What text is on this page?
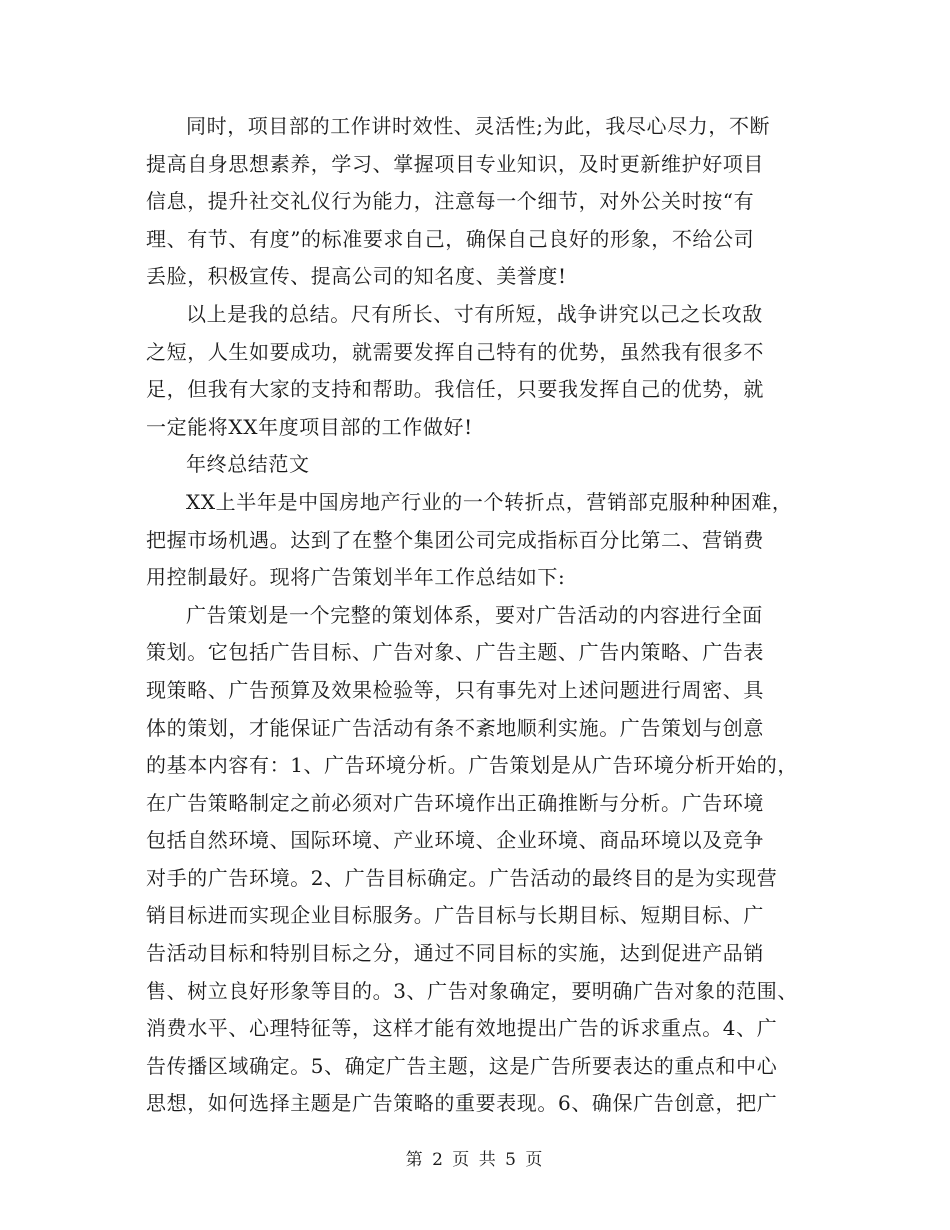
同时，项目部的工作讲时效性、灵活性;为此，我尽心尽力，不断
提高自身思想素养，学习、掌握项目专业知识，及时更新维护好项目
信息，提升社交礼仪行为能力，注意每一个细节，对外公关时按“有
理、有节、有度”的标准要求自己，确保自己良好的形象，不给公司
丢脸，积极宣传、提高公司的知名度、美誉度!
以上是我的总结。尺有所长、寸有所短，战争讲究以己之长攻敌
之短，人生如要成功，就需要发挥自己特有的优势，虽然我有很多不
足，但我有大家的支持和帮助。我信任，只要我发挥自己的优势，就
一定能将XX年度项目部的工作做好!
年终总结范文
XX上半年是中国房地产行业的一个转折点，营销部克服种种困难，
把握市场机遇。达到了在整个集团公司完成指标百分比第二、营销费
用控制最好。现将广告策划半年工作总结如下:
广告策划是一个完整的策划体系，要对广告活动的内容进行全面
策划。它包括广告目标、广告对象、广告主题、广告内策略、广告表
现策略、广告预算及效果检验等，只有事先对上述问题进行周密、具
体的策划，才能保证广告活动有条不紊地顺利实施。广告策划与创意
的基本内容有：1、广告环境分析。广告策划是从广告环境分析开始的，
在广告策略制定之前必须对广告环境作出正确推断与分析。广告环境
包括自然环境、国际环境、产业环境、企业环境、商品环境以及竞争
对手的广告环境。2、广告目标确定。广告活动的最终目的是为实现营
销目标进而实现企业目标服务。广告目标与长期目标、短期目标、广
告活动目标和特别目标之分，通过不同目标的实施，达到促进产品销
售、树立良好形象等目的。3、广告对象确定，要明确广告对象的范围、
消费水平、心理特征等，这样才能有效地提出广告的诉求重点。4、广
告传播区域确定。5、确定广告主题，这是广告所要表达的重点和中心
思想，如何选择主题是广告策略的重要表现。6、确保广告创意，把广
第 2 页 共 5 页
